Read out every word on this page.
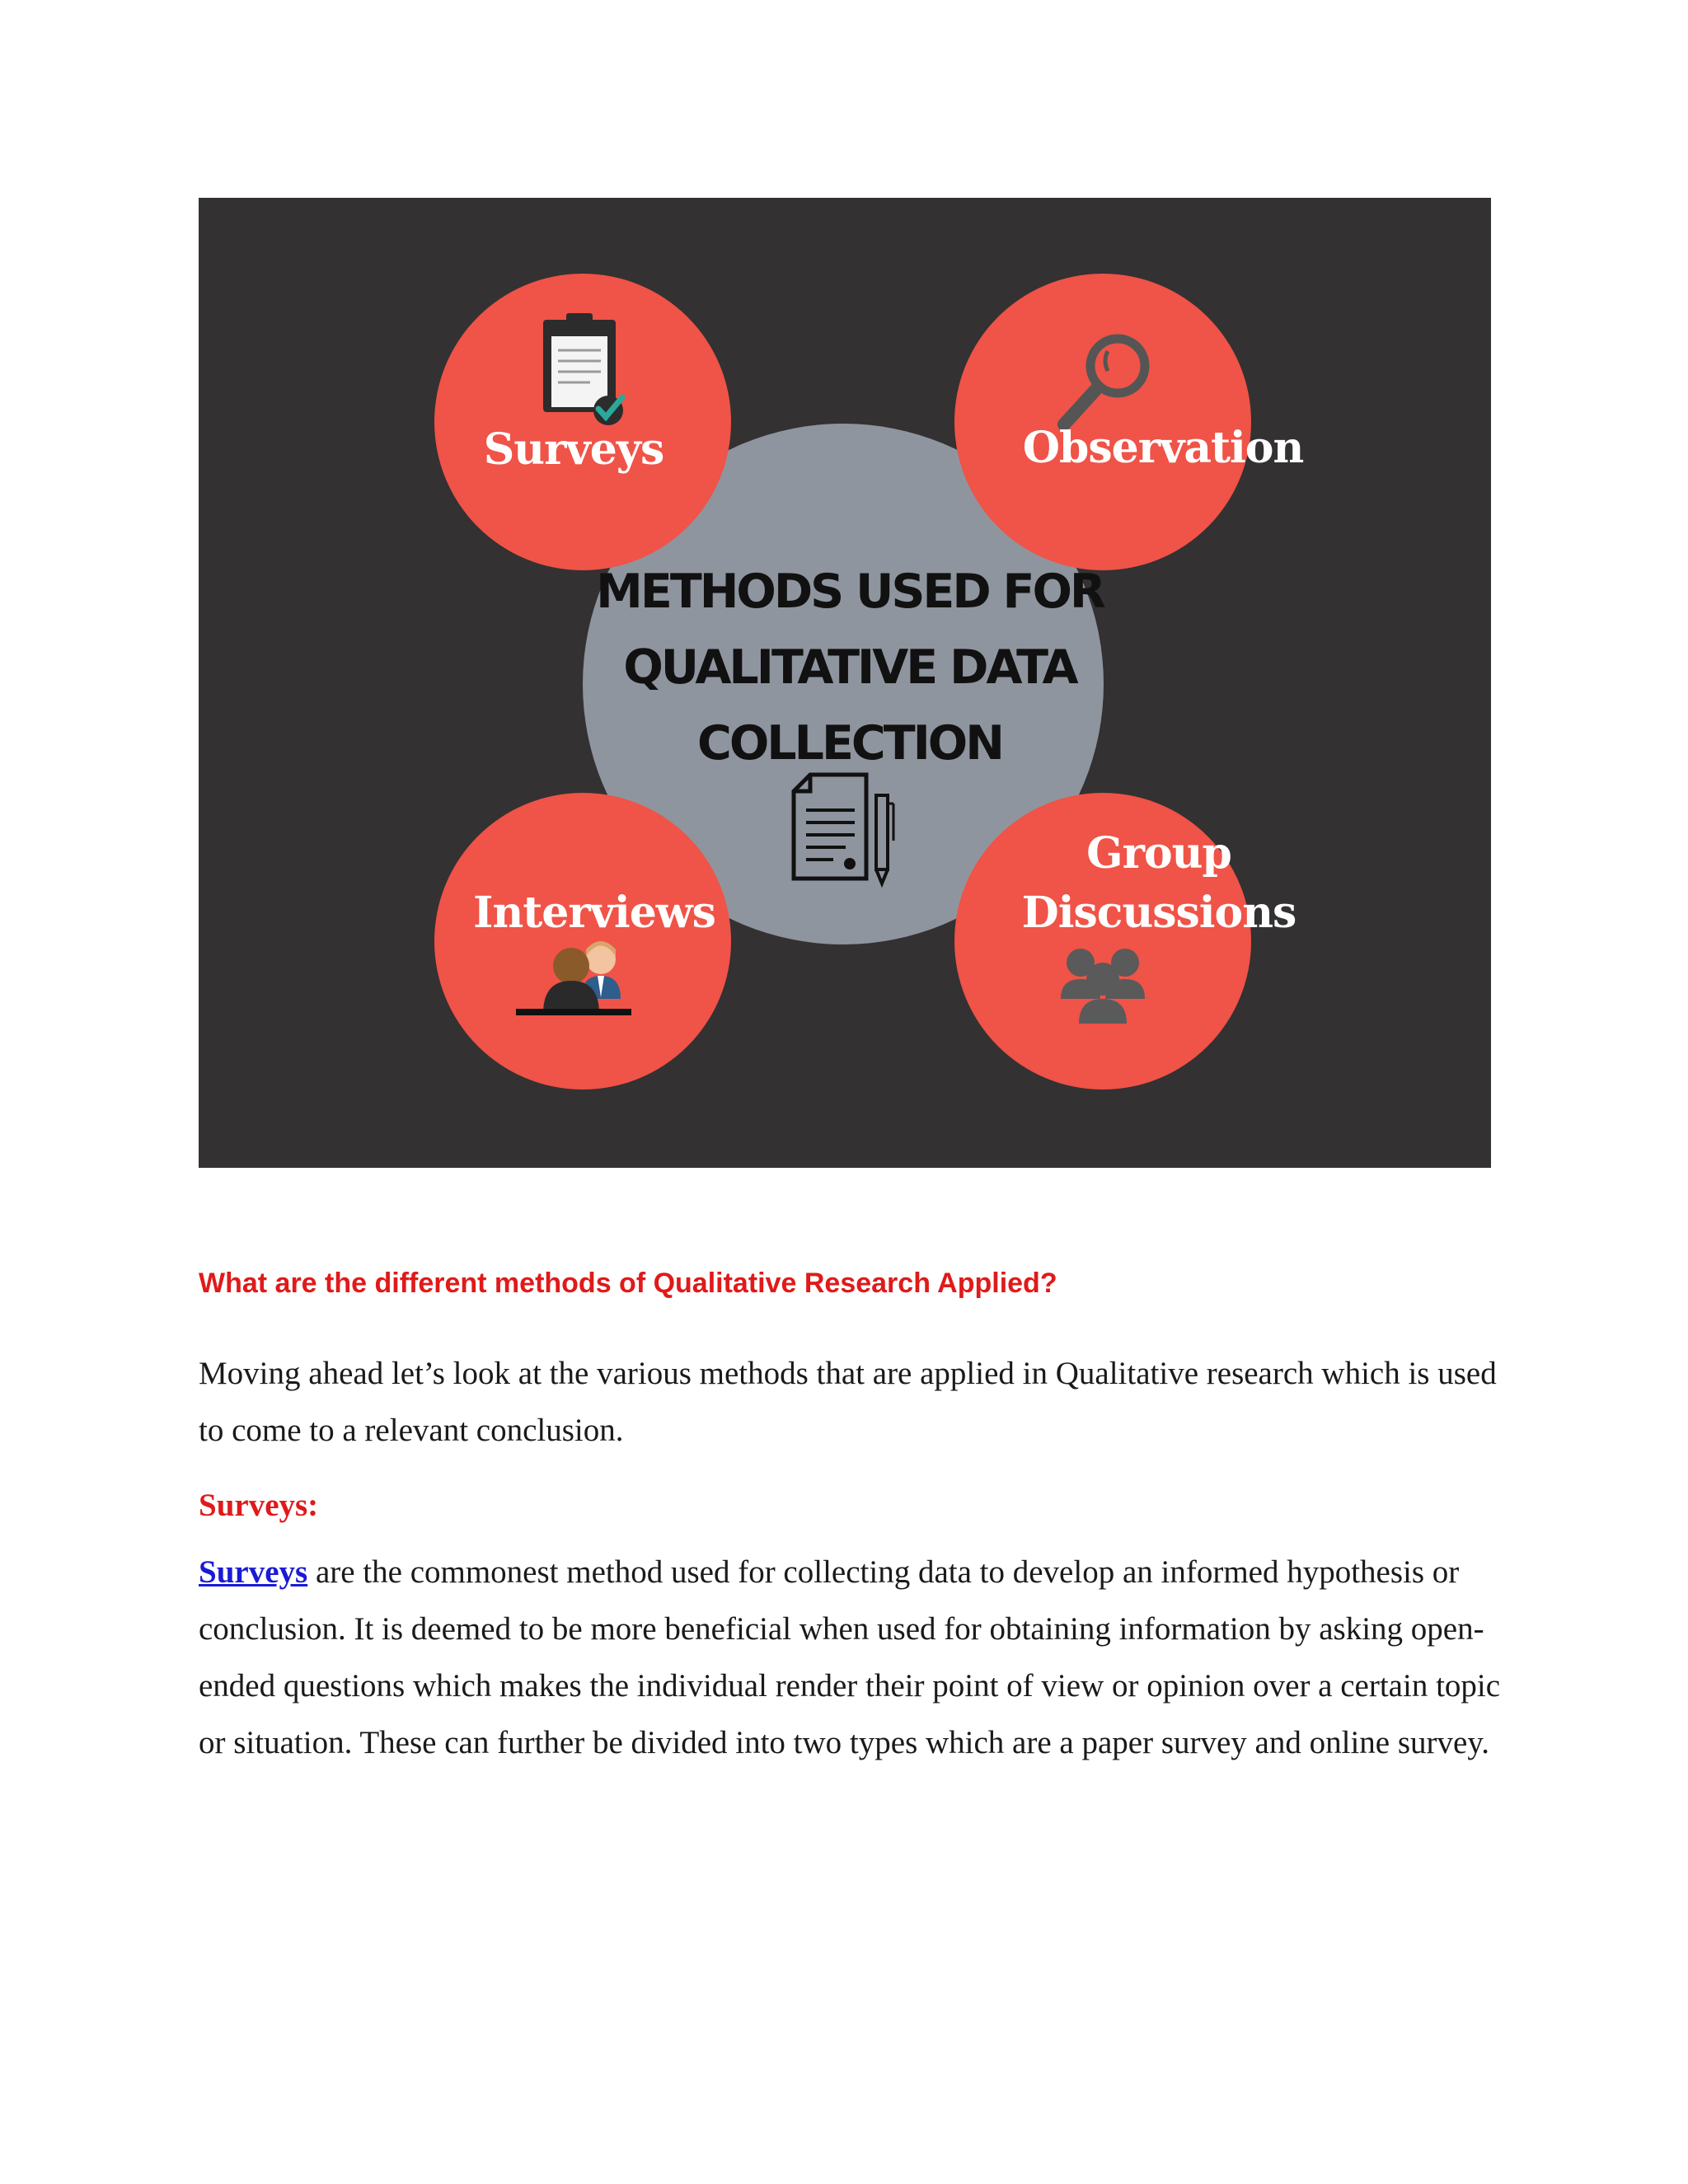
METHODS USED FOR
QUALITATIVE DATA
COLLECTION
Surveys	Observation
Interviews
Group
Discussions
What are the different methods of Qualitative Research Applied?

Moving ahead let’s look at the various methods that are applied in Qualitative research which is used to come to a relevant conclusion.

Surveys:

Surveys are the commonest method used for collecting data to develop an informed hypothesis or conclusion. It is deemed to be more beneficial when used for obtaining information by asking open-ended questions which makes the individual render their point of view or opinion over a certain topic or situation. These can further be divided into two types which are a paper survey and online survey.
